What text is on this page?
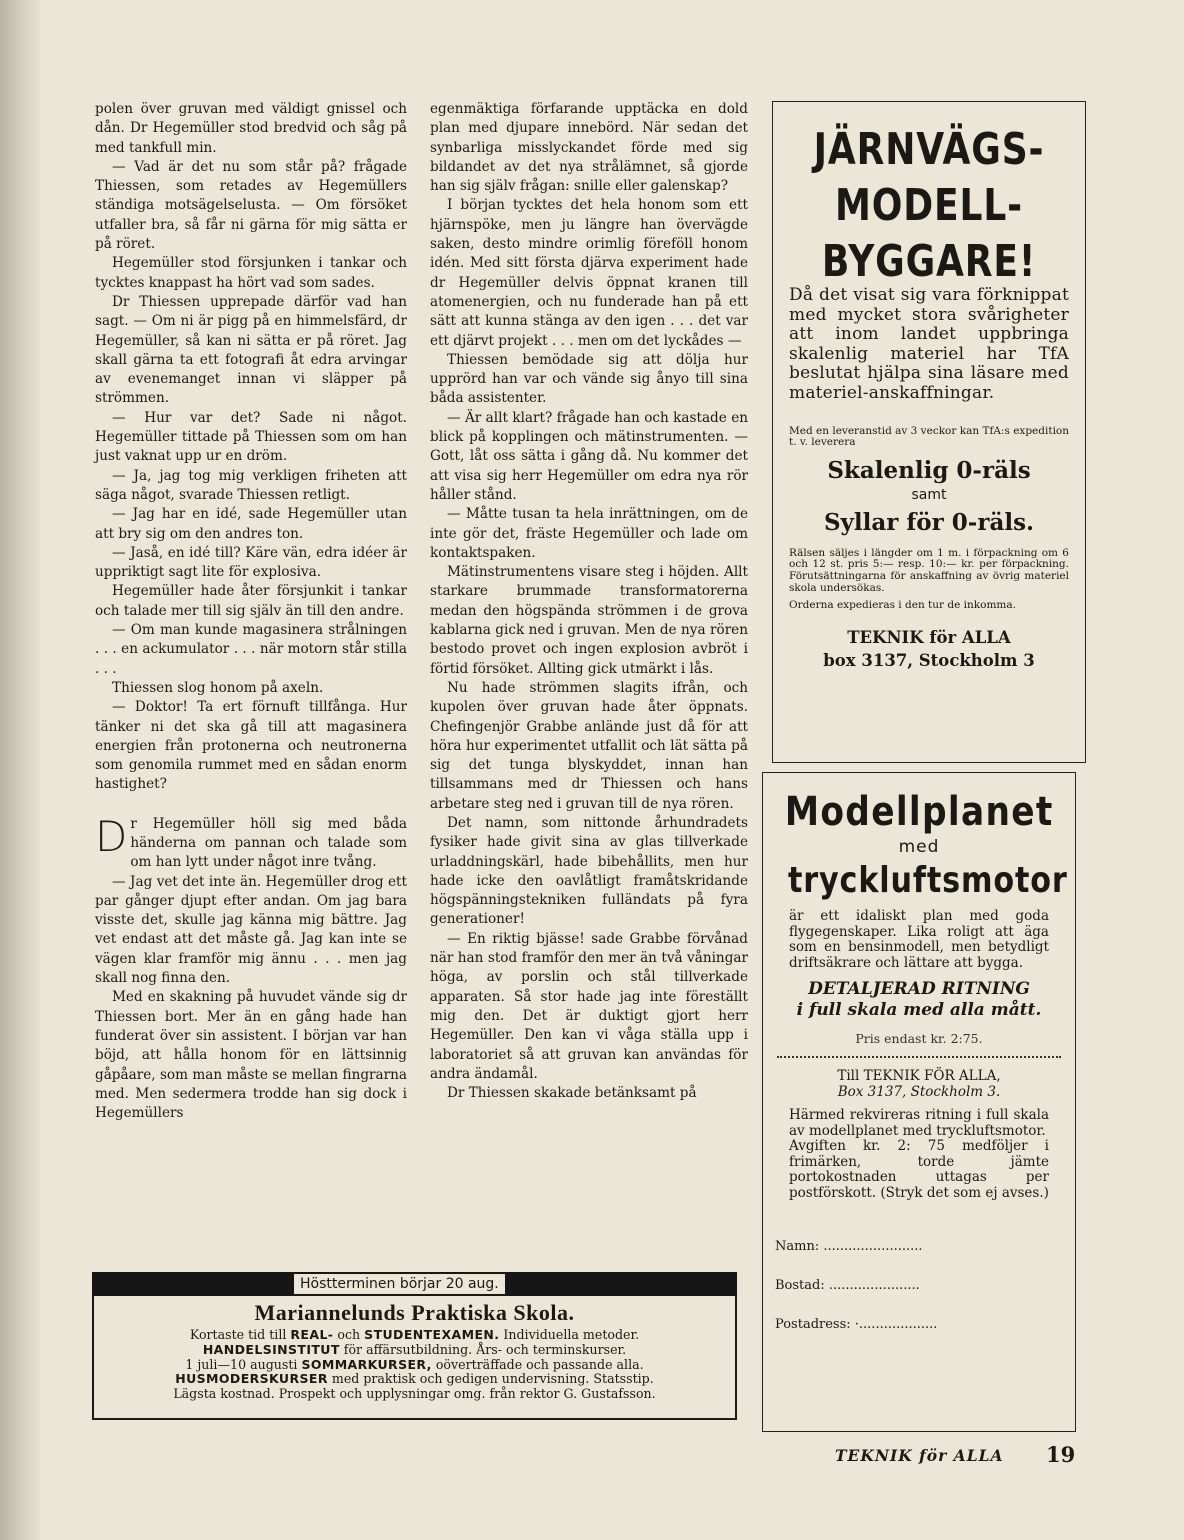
polen över gruvan med väldigt gnissel och dån. Dr Hegemüller stod bredvid och såg på med tankfull min.

— Vad är det nu som står på? frågade Thiessen, som retades av Hegemüllers ständiga motsägelselusta. — Om försöket utfaller bra, så får ni gärna för mig sätta er på röret.

Hegemüller stod försjunken i tankar och tycktes knappast ha hört vad som sades.

Dr Thiessen upprepade därför vad han sagt. — Om ni är pigg på en himmelsfärd, dr Hegemüller, så kan ni sätta er på röret. Jag skall gärna ta ett fotografi åt edra arvingar av evenemanget innan vi släpper på strömmen.

— Hur var det? Sade ni något. Hegemüller tittade på Thiessen som om han just vaknat upp ur en dröm.

— Ja, jag tog mig verkligen friheten att säga något, svarade Thiessen retligt.

— Jag har en idé, sade Hegemüller utan att bry sig om den andres ton.

— Jaså, en idé till? Käre vän, edra idéer är uppriktigt sagt lite för explosiva.

Hegemüller hade åter försjunkit i tankar och talade mer till sig själv än till den andre.

— Om man kunde magasinera strålningen . . . en ackumulator . . . när motorn står stilla . . .

Thiessen slog honom på axeln.

— Doktor! Ta ert förnuft tillfånga. Hur tänker ni det ska gå till att magasinera energien från protonerna och neutronerna som genomila rummet med en sådan enorm hastighet?

Dr Hegemüller höll sig med båda händerna om pannan och talade som om han lytt under något inre tvång.

— Jag vet det inte än. Hegemüller drog ett par gånger djupt efter andan. Om jag bara visste det, skulle jag känna mig bättre. Jag vet endast att det måste gå. Jag kan inte se vägen klar framför mig ännu . . . men jag skall nog finna den.

Med en skakning på huvudet vände sig dr Thiessen bort. Mer än en gång hade han funderat över sin assistent. I början var han böjd, att hålla honom för en lättsinnig gåpåare, som man måste se mellan fingrarna med. Men sedermera trodde han sig dock i Hegemüllers

egenmäktiga förfarande upptäcka en dold plan med djupare innebörd. När sedan det synbarliga misslyckandet förde med sig bildandet av det nya strålämnet, så gjorde han sig själv frågan: snille eller galenskap?

I början tycktes det hela honom som ett hjärnspöke, men ju längre han övervägde saken, desto mindre orimlig föreföll honom idén. Med sitt första djärva experiment hade dr Hegemüller delvis öppnat kranen till atomenergien, och nu funderade han på ett sätt att kunna stänga av den igen . . . det var ett djärvt projekt . . . men om det lyckådes —

Thiessen bemödade sig att dölja hur upprörd han var och vände sig ånyo till sina båda assistenter.

— Är allt klart? frågade han och kastade en blick på kopplingen och mätinstrumenten. — Gott, låt oss sätta i gång då. Nu kommer det att visa sig herr Hegemüller om edra nya rör håller stånd.

— Måtte tusan ta hela inrättningen, om de inte gör det, fräste Hegemüller och lade om kontaktspaken.

Mätinstrumentens visare steg i höjden. Allt starkare brummade transformatorerna medan den högspända strömmen i de grova kablarna gick ned i gruvan. Men de nya rören bestodo provet och ingen explosion avbröt i förtid försöket. Allting gick utmärkt i lås.

Nu hade strömmen slagits ifrån, och kupolen över gruvan hade åter öppnats. Chefingenjör Grabbe anlände just då för att höra hur experimentet utfallit och lät sätta på sig det tunga blyskyddet, innan han tillsammans med dr Thiessen och hans arbetare steg ned i gruvan till de nya rören.

Det namn, som nittonde århundradets fysiker hade givit sina av glas tillverkade urladdningskärl, hade bibehållits, men hur hade icke den oavlåtligt framåtskridande högspänningstekniken fulländats på fyra generationer!

— En riktig bjässe! sade Grabbe förvånad när han stod framför den mer än två våningar höga, av porslin och stål tillverkade apparaten. Så stor hade jag inte föreställt mig den. Det är duktigt gjort herr Hegemüller. Den kan vi våga ställa upp i laboratoriet så att gruvan kan användas för andra ändamål.

Dr Thiessen skakade betänksamt på

JÄRNVÄGS-
MODELL-
BYGGARE!
Då det visat sig vara förknippat med mycket stora svårigheter att inom landet uppbringa skalenlig materiel har TfA beslutat hjälpa sina läsare med materiel-anskaffningar.
Med en leveranstid av 3 veckor kan TfA:s expedition t. v. leverera
Skalenlig 0-räls
samt
Syllar för 0-räls.
Rälsen säljes i längder om 1 m. i förpackning om 6 och 12 st. pris 5:— resp. 10:— kr. per förpackning. Förutsättningarna för anskaffning av övrig materiel skola undersökas.
Orderna expedieras i den tur de inkomma.
TEKNIK för ALLA
box 3137, Stockholm 3
Modellplanet
med
tryckluftsmotor
är ett idaliskt plan med goda flygegenskaper. Lika roligt att äga som en bensinmodell, men betydligt driftsäkrare och lättare att bygga.
DETALJERAD RITNING
i full skala med alla mått.
Pris endast kr. 2:75.
Till TEKNIK FÖR ALLA,
Box 3137, Stockholm 3.
Härmed rekvireras ritning i full skala av modellplanet med tryckluftsmotor.
Avgiften kr. 2: 75 medföljer i frimärken, torde jämte portokostnaden uttagas per postförskott. (Stryk det som ej avses.)
Namn: ........................
Bostad: ......................
Postadress: ·...................
Höstterminen börjar 20 aug.
Mariannelunds Praktiska Skola.
Kortaste tid till REAL- och STUDENTEXAMEN. Individuella metoder.
HANDELSINSTITUT för affärsutbildning. Års- och terminskurser.
1 juli—10 augusti SOMMARKURSER, oöverträffade och passande alla.
HUSMODERSKURSER med praktisk och gedigen undervisning. Statsstip.
Lägsta kostnad. Prospekt och upplysningar omg. från rektor G. Gustafsson.
TEKNIK för ALLA 19
